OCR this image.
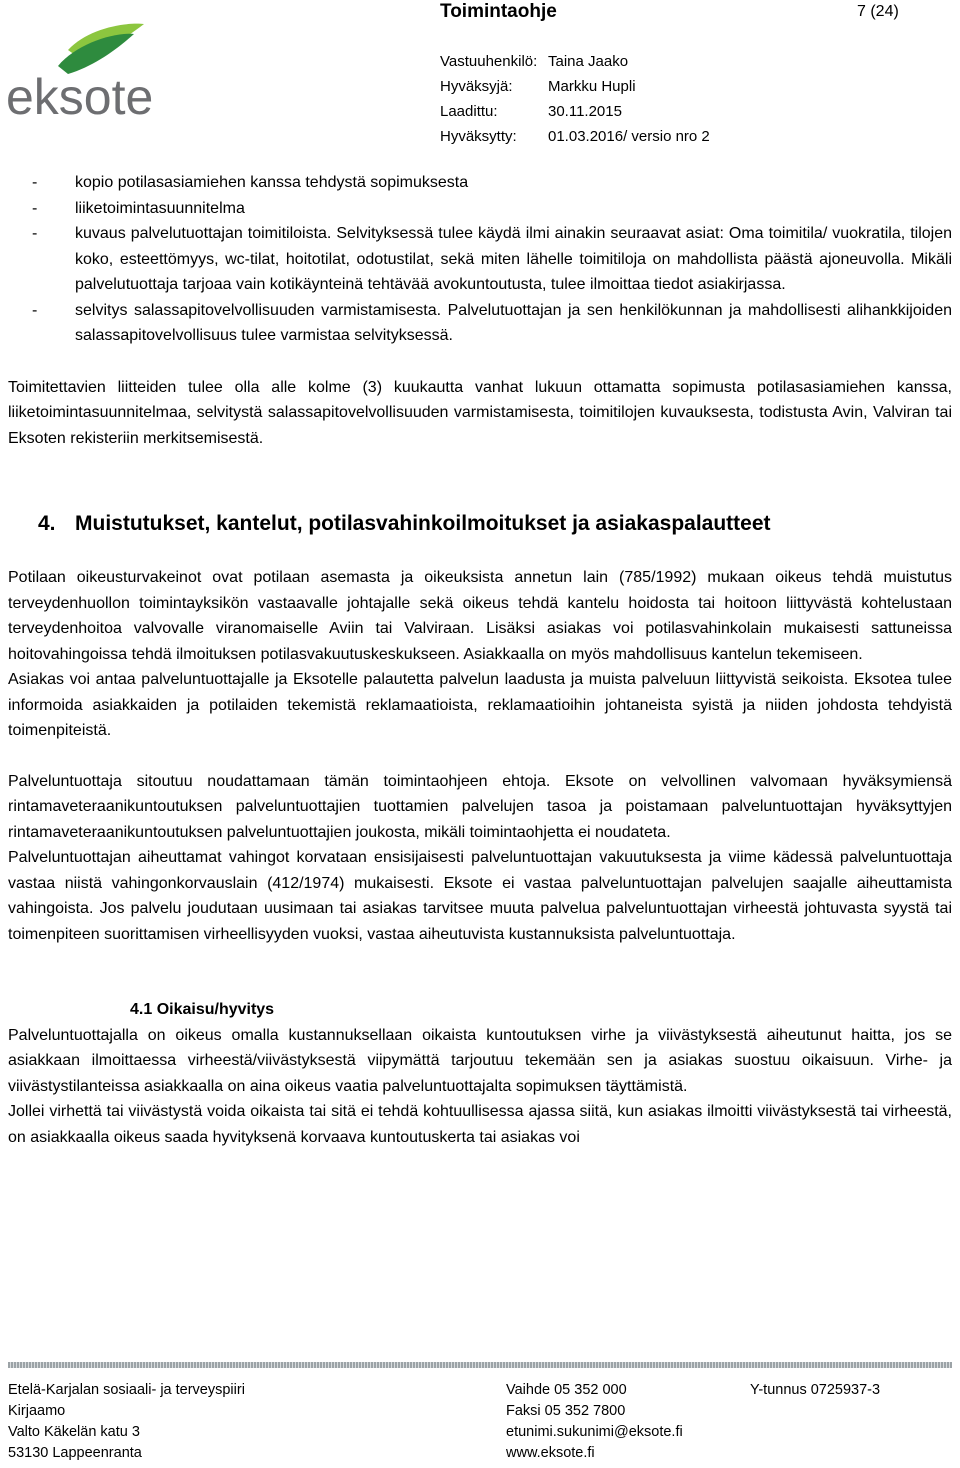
Toimintaohje	7 (24)
eksote
Vastuuhenkilö: Taina Jaako
Hyväksyjä:	Markku Hupli
Laadittu:	30.11.2015
Hyväksytty:	01.03.2016/ versio nro 2
-	kopio potilasasiamiehen kanssa tehdystä sopimuksesta
-	liiketoimintasuunnitelma
-	kuvaus palvelutuottajan toimitiloista. Selvityksessä tulee käydä ilmi ainakin seuraavat asiat: Oma toimitila/ vuokratila, tilojen koko, esteettömyys, wc-tilat, hoitotilat, odotustilat, sekä miten lähelle toimitiloja on mahdollista päästä ajoneuvolla. Mikäli palvelutuottaja tarjoaa vain kotikäynteinä tehtävää avokuntoutusta, tulee ilmoittaa tiedot asiakirjassa.
-	selvitys salassapitovelvollisuuden varmistamisesta. Palvelutuottajan ja sen henkilökunnan ja mahdollisesti alihankkijoiden salassapitovelvollisuus tulee varmistaa selvityksessä.

Toimitettavien liitteiden tulee olla alle kolme (3) kuukautta vanhat lukuun ottamatta sopimusta potilasasiamiehen kanssa, liiketoimintasuunnitelmaa, selvitystä salassapitovelvollisuuden varmistamisesta, toimitilojen kuvauksesta, todistusta Avin, Valviran tai Eksoten rekisteriin merkitsemisestä.

4. Muistutukset, kantelut, potilasvahinkoilmoitukset ja asiakaspalautteet

Potilaan oikeusturvakeinot ovat potilaan asemasta ja oikeuksista annetun lain (785/1992) mukaan oikeus tehdä muistutus terveydenhuollon toimintayksikön vastaavalle johtajalle sekä oikeus tehdä kantelu hoidosta tai hoitoon liittyvästä kohtelustaan terveydenhoitoa valvovalle viranomaiselle Aviin tai Valviraan. Lisäksi asiakas voi potilasvahinkolain mukaisesti sattuneissa hoitovahingoissa tehdä ilmoituksen potilasvakuutuskeskukseen. Asiakkaalla on myös mahdollisuus kantelun tekemiseen.

Asiakas voi antaa palveluntuottajalle ja Eksotelle palautetta palvelun laadusta ja muista palveluun liittyvistä seikoista. Eksotea tulee informoida asiakkaiden ja potilaiden tekemistä reklamaatioista, reklamaatioihin johtaneista syistä ja niiden johdosta tehdyistä toimenpiteistä.

Palveluntuottaja sitoutuu noudattamaan tämän toimintaohjeen ehtoja. Eksote on velvollinen valvomaan hyväksymiensä rintamaveteraanikuntoutuksen palveluntuottajien tuottamien palvelujen tasoa ja poistamaan palveluntuottajan hyväksyttyjen rintamaveteraanikuntoutuksen palveluntuottajien joukosta, mikäli toimintaohjetta ei noudateta.

Palveluntuottajan aiheuttamat vahingot korvataan ensisijaisesti palveluntuottajan vakuutuksesta ja viime kädessä palveluntuottaja vastaa niistä vahingonkorvauslain (412/1974) mukaisesti. Eksote ei vastaa palveluntuottajan palvelujen saajalle aiheuttamista vahingoista. Jos palvelu joudutaan uusimaan tai asiakas tarvitsee muuta palvelua palveluntuottajan virheestä johtuvasta syystä tai toimenpiteen suorittamisen virheellisyyden vuoksi, vastaa aiheutuvista kustannuksista palveluntuottaja.

4.1 Oikaisu/hyvitys

Palveluntuottajalla on oikeus omalla kustannuksellaan oikaista kuntoutuksen virhe ja viivästyksestä aiheutunut haitta, jos se asiakkaan ilmoittaessa virheestä/viivästyksestä viipymättä tarjoutuu tekemään sen ja asiakas suostuu oikaisuun. Virhe- ja viivästystilanteissa asiakkaalla on aina oikeus vaatia palveluntuottajalta sopimuksen täyttämistä.

Jollei virhettä tai viivästystä voida oikaista tai sitä ei tehdä kohtuullisessa ajassa siitä, kun asiakas ilmoitti viivästyksestä tai virheestä, on asiakkaalla oikeus saada hyvityksenä korvaava kuntoutuskerta tai asiakas voi

Etelä-Karjalan sosiaali- ja terveyspiiri
Kirjaamo
Valto Käkelän katu 3
53130 Lappeenranta
Vaihde 05 352 000
Faksi 05 352 7800
etunimi.sukunimi@eksote.fi
www.eksote.fi
Y-tunnus 0725937-3
